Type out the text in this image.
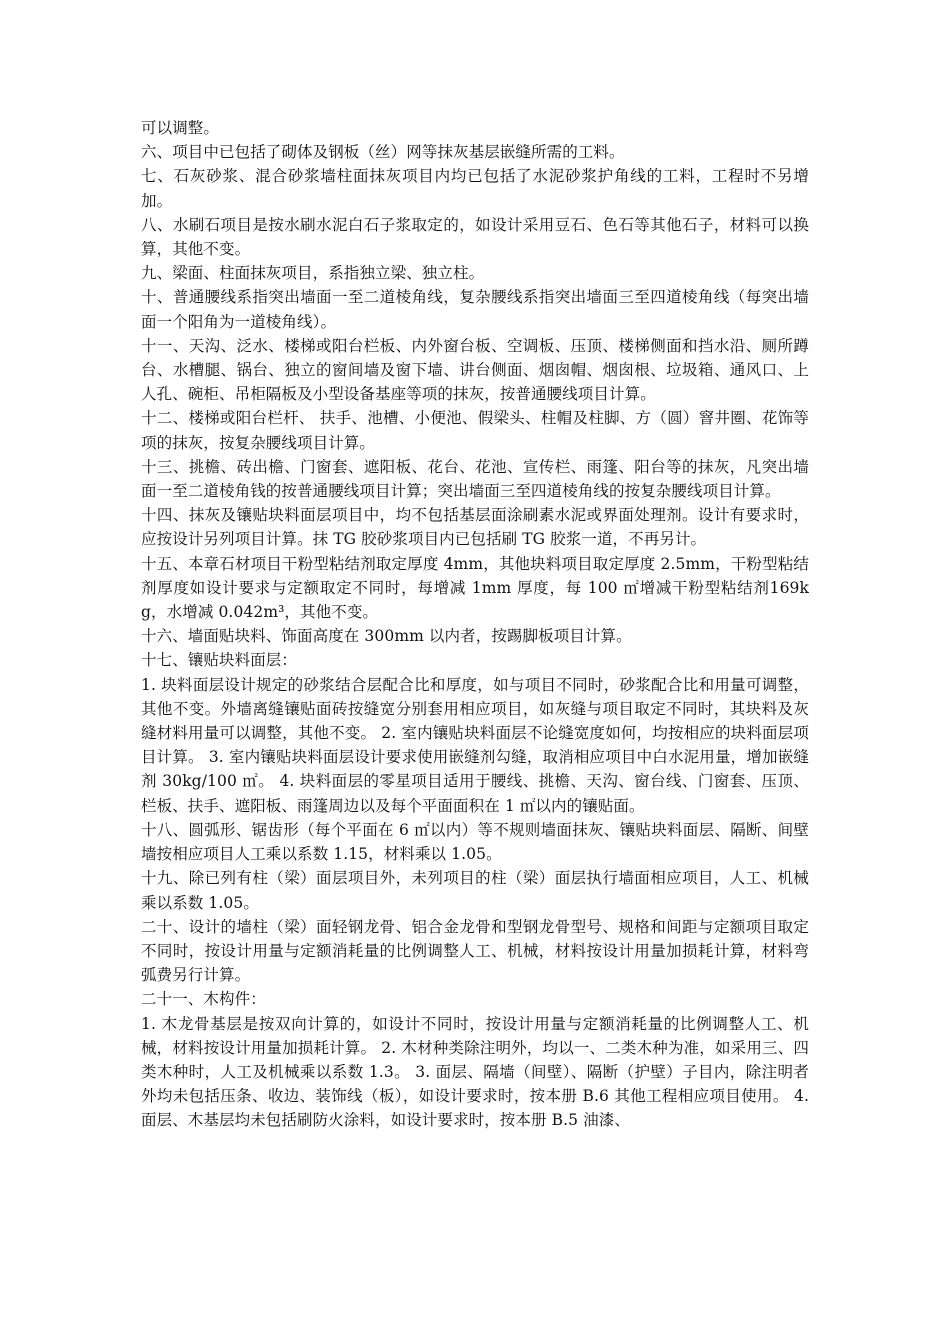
可以调整。

六、项目中已包括了砌体及钢板（丝）网等抹灰基层嵌缝所需的工料。

七、石灰砂浆、混合砂浆墙柱面抹灰项目内均已包括了水泥砂浆护角线的工料，工程时不另增加。

八、水刷石项目是按水刷水泥白石子浆取定的，如设计采用豆石、色石等其他石子，材料可以换算，其他不变。

九、梁面、柱面抹灰项目，系指独立梁、独立柱。

十、普通腰线系指突出墙面一至二道棱角线，复杂腰线系指突出墙面三至四道棱角线（每突出墙面一个阳角为一道棱角线）。

十一、天沟、泛水、楼梯或阳台栏板、内外窗台板、空调板、压顶、楼梯侧面和挡水沿、厕所蹲台、水槽腿、锅台、独立的窗间墙及窗下墙、讲台侧面、烟囱帽、烟囱根、垃圾箱、通风口、上人孔、碗柜、吊柜隔板及小型设备基座等项的抹灰，按普通腰线项目计算。

十二、楼梯或阳台栏杆、 扶手、池槽、小便池、假梁头、柱帽及柱脚、方（圆）窨井圈、花饰等项的抹灰，按复杂腰线项目计算。

十三、挑檐、砖出檐、门窗套、遮阳板、花台、花池、宣传栏、雨篷、阳台等的抹灰，凡突出墙面一至二道棱角钱的按普通腰线项目计算；突出墙面三至四道棱角线的按复杂腰线项目计算。

十四、抹灰及镶贴块料面层项目中，均不包括基层面涂刷素水泥或界面处理剂。设计有要求时，应按设计另列项目计算。抹 TG 胶砂浆项目内已包括刷 TG 胶浆一道，不再另计。

十五、本章石材项目干粉型粘结剂取定厚度 4mm，其他块料项目取定厚度 2.5mm，干粉型粘结剂厚度如设计要求与定额取定不同时，每增减 1mm 厚度，每 100 ㎡增减干粉型粘结剂169kg，水增减 0.042m³，其他不变。

十六、墙面贴块料、饰面高度在 300mm 以内者，按踢脚板项目计算。

十七、镶贴块料面层：

1. 块料面层设计规定的砂浆结合层配合比和厚度，如与项目不同时，砂浆配合比和用量可调整，其他不变。外墙离缝镶贴面砖按缝宽分别套用相应项目，如灰缝与项目取定不同时，其块料及灰缝材料用量可以调整，其他不变。 2. 室内镶贴块料面层不论缝宽度如何，均按相应的块料面层项目计算。 3. 室内镶贴块料面层设计要求使用嵌缝剂勾缝，取消相应项目中白水泥用量，增加嵌缝剂 30kg/100 ㎡。 4. 块料面层的零星项目适用于腰线、挑檐、天沟、窗台线、门窗套、压顶、栏板、扶手、遮阳板、雨篷周边以及每个平面面积在 1 ㎡以内的镶贴面。

十八、圆弧形、锯齿形（每个平面在 6 ㎡以内）等不规则墙面抹灰、镶贴块料面层、隔断、间壁墙按相应项目人工乘以系数 1.15，材料乘以 1.05。

十九、除已列有柱（梁）面层项目外，未列项目的柱（梁）面层执行墙面相应项目，人工、机械乘以系数 1.05。

二十、设计的墙柱（梁）面轻钢龙骨、铝合金龙骨和型钢龙骨型号、规格和间距与定额项目取定不同时，按设计用量与定额消耗量的比例调整人工、机械，材料按设计用量加损耗计算，材料弯弧费另行计算。

二十一、木构件：

1. 木龙骨基层是按双向计算的，如设计不同时，按设计用量与定额消耗量的比例调整人工、机械，材料按设计用量加损耗计算。 2. 木材种类除注明外，均以一、二类木种为准，如采用三、四类木种时，人工及机械乘以系数 1.3。 3. 面层、隔墙（间壁）、隔断（护壁）子目内，除注明者外均未包括压条、收边、装饰线（板），如设计要求时，按本册 B.6 其他工程相应项目使用。 4. 面层、木基层均未包括刷防火涂料，如设计要求时，按本册 B.5 油漆、
